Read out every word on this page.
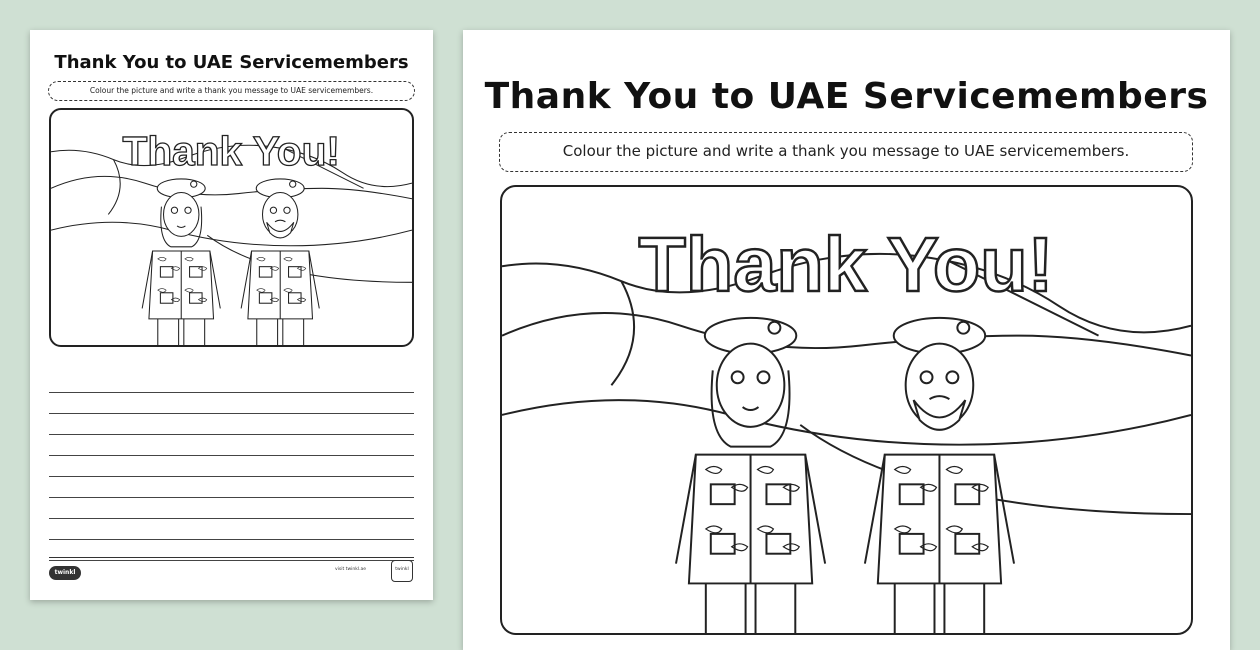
Thank You to UAE Servicemembers
Colour the picture and write a thank you message to UAE servicemembers.
Thank You!
twinkl	visit twinkl.ae	twinkl
Thank You to UAE Servicemembers
Colour the picture and write a thank you message to UAE servicemembers.
Thank You!
